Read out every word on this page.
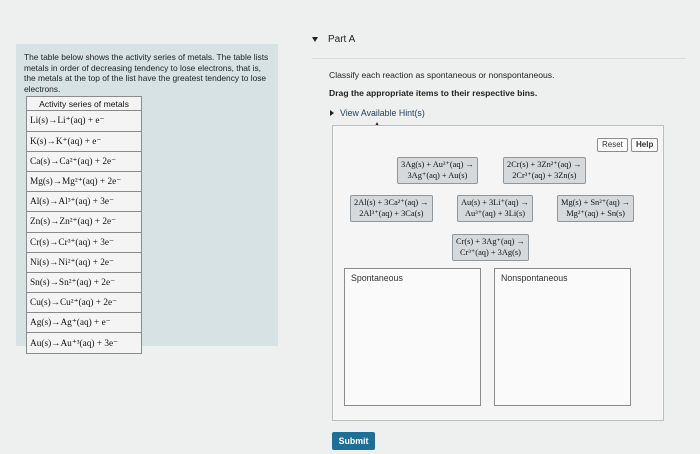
The table below shows the activity series of metals. The table lists metals in order of decreasing tendency to lose electrons, that is, the metals at the top of the list have the greatest tendency to lose electrons.

Activity series of metals
Li(s)→Li⁺(aq) + e⁻
K(s)→K⁺(aq) + e⁻
Ca(s)→Ca²⁺(aq) + 2e⁻
Mg(s)→Mg²⁺(aq) + 2e⁻
Al(s)→Al³⁺(aq) + 3e⁻
Zn(s)→Zn²⁺(aq) + 2e⁻
Cr(s)→Cr³⁺(aq) + 3e⁻
Ni(s)→Ni²⁺(aq) + 2e⁻
Sn(s)→Sn²⁺(aq) + 2e⁻
Cu(s)→Cu²⁺(aq) + 2e⁻
Ag(s)→Ag⁺(aq) + e⁻
Au(s)→Au⁺³(aq) + 3e⁻
Part A

Classify each reaction as spontaneous or nonspontaneous.

Drag the appropriate items to their respective bins.

View Available Hint(s)
Reset	Help
3Ag(s) + Au³⁺(aq) →
3Ag⁺(aq) + Au(s)
2Cr(s) + 3Zn²⁺(aq) →
2Cr³⁺(aq) + 3Zn(s)
2Al(s) + 3Ca²⁺(aq) →
2Al³⁺(aq) + 3Ca(s)
Au(s) + 3Li⁺(aq) →
Au³⁺(aq) + 3Li(s)
Mg(s) + Sn²⁺(aq) →
Mg²⁺(aq) + Sn(s)
Cr(s) + 3Ag⁺(aq) →
Cr³⁺(aq) + 3Ag(s)
Spontaneous	Nonspontaneous
Submit
